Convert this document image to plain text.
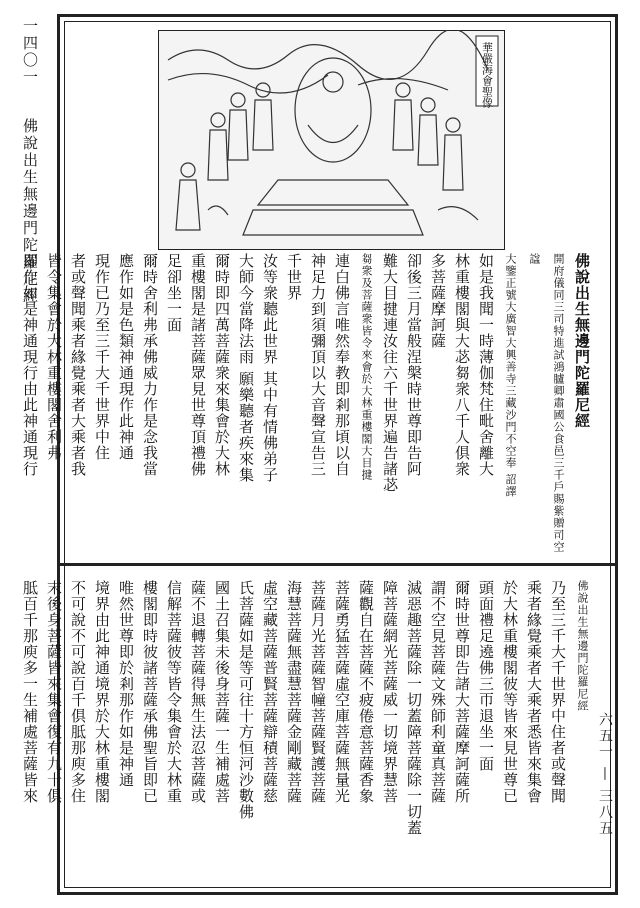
一四〇一
佛說出生無邊門陀羅尼經
六五一 — 三八五
華嚴海會聖像
佛說出生無邊門陀羅尼經
開府儀同三司特進試鴻臚卿肅國公食邑三千戶賜紫贈司空諡
大鑒正號大廣智大興善寺三藏沙門不空奉 詔譯
如是我聞一時薄伽梵住毗舍離大
林重樓閣與大苾芻衆八千人俱衆
多菩薩摩訶薩
卻後三月當般涅槃時世尊即告阿
難大目揵連汝往六千世界遍告諸苾
芻衆及菩薩衆皆令來會於大林重樓閣大目揵
連白佛言唯然奉教即剎那頃以自
神足力到須彌頂以大音聲宣告三
千世界
汝等衆聽此世界 其中有情佛弟子
大師今當降法雨 願樂聽者疾來集
爾時即四萬菩薩衆來集會於大林
重樓閣是諸菩薩眾見世尊頂禮佛
足卻坐一面
爾時舍利弗承佛威力作是念我當
應作如是色類神通現作此神通
現作已乃至三千大千世界中住
者或聲聞乘者緣覺乘者大乘者我
皆令集會於大林重樓閣舍利弗
即作如是神通現行由此神通現行
佛說出生無邊門陀羅尼經
乃至三千大千世界中住者或聲聞
乘者緣覺乘者大乘者悉皆來集會
於大林重樓閣彼等皆來見世尊已
頭面禮足遶佛三帀退坐一面
爾時世尊即告諸大菩薩摩訶薩所
謂不空見菩薩文殊師利童真菩薩
滅惡趣菩薩除一切蓋障菩薩除一切蓋
障菩薩網光菩薩威一切境界慧菩
薩觀自在菩薩不疲倦意菩薩香象
菩薩勇猛菩薩虛空庫菩薩無量光
菩薩月光菩薩智幢菩薩賢護菩薩
海慧菩薩無盡慧菩薩金剛藏菩薩
虛空藏菩薩普賢菩薩辯積菩薩慈
氏菩薩如是等可往十方恒河沙數佛
國土召集未後身菩薩一生補處菩
薩不退轉菩薩得無生法忍菩薩或
信解菩薩彼等皆令集會於大林重
樓閣即時彼諸菩薩承佛聖旨即已
唯然世尊即於剎那作如是神通
境界由此神通境界於大林重樓閣
不可說不可說百千俱胝那庾多住
末後身菩薩皆來集會復有九十俱
胝百千那庾多一生補處菩薩皆來
